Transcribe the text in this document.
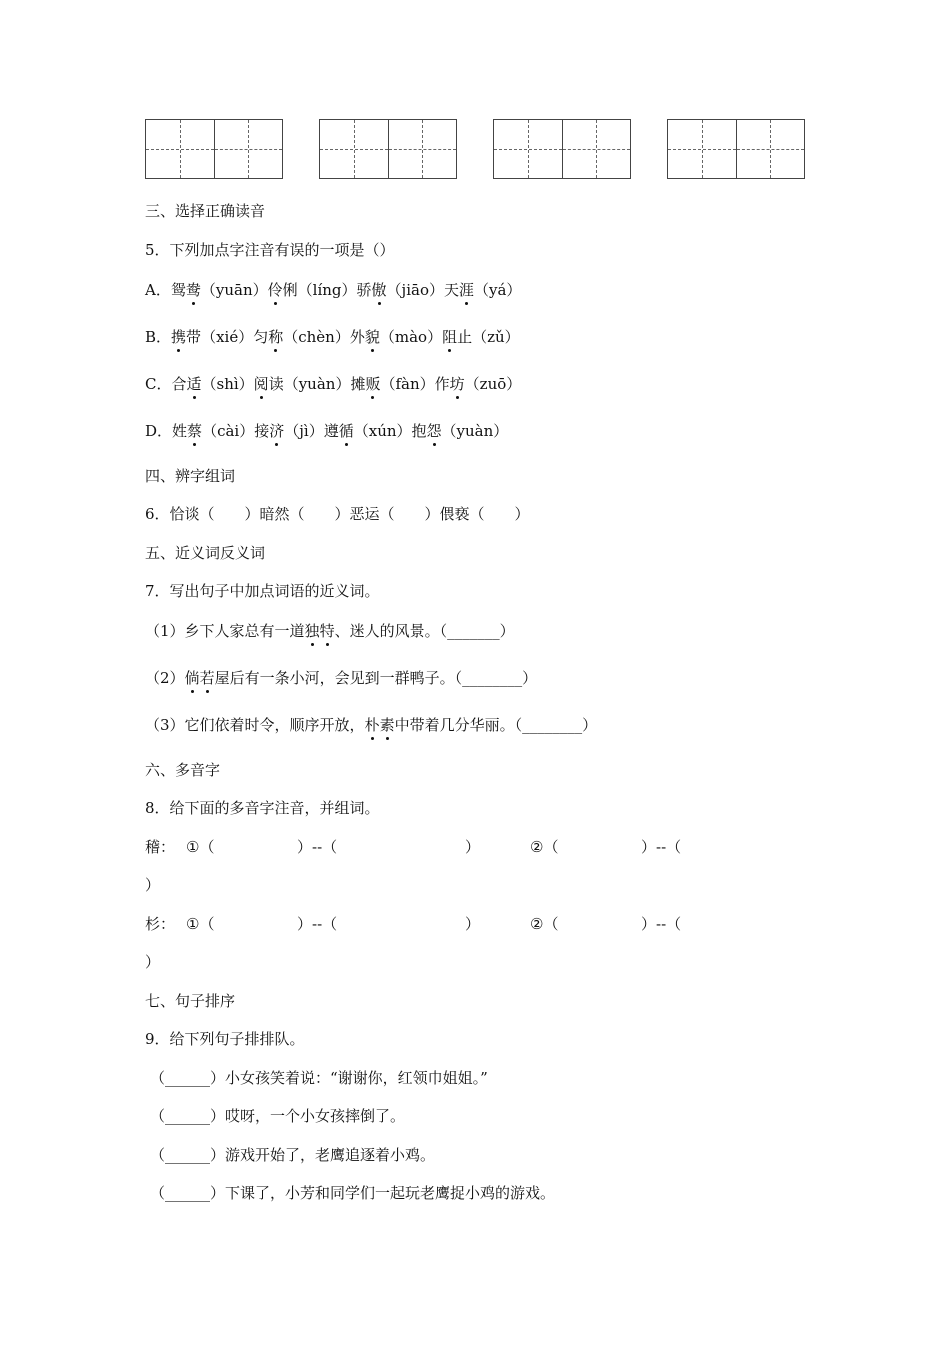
三、选择正确读音
5．下列加点字注音有误的一项是（）
A．鸳鸯（yuān）伶俐（líng）骄傲（jiāo）天涯（yá）
B．携带（xié）匀称（chèn）外貌（mào）阻止（zǔ）
C．合适（shì）阅读（yuàn）摊贩（fàn）作坊（zuō）
D．姓蔡（cài）接济（jì）遵循（xún）抱怨（yuàn）
四、辨字组词
6．恰谈（　　）暗然（　　）恶运（　　）偎亵（　　）
五、近义词反义词
7．写出句子中加点词语的近义词。
（1）乡下人家总有一道独特、迷人的风景。（_______）
（2）倘若屋后有一条小河，会见到一群鸭子。（________）
（3）它们依着时令，顺序开放，朴素中带着几分华丽。（________）
六、多音字
8．给下面的多音字注音，并组词。
稽： ①（	）--（	）	②（	）--（
）
杉： ①（	）--（	）	②（	）--（
）
七、句子排序
9．给下列句子排排队。
（______）小女孩笑着说：“谢谢你，红领巾姐姐。”
（______）哎呀，一个小女孩摔倒了。
（______）游戏开始了，老鹰追逐着小鸡。
（______）下课了，小芳和同学们一起玩老鹰捉小鸡的游戏。
